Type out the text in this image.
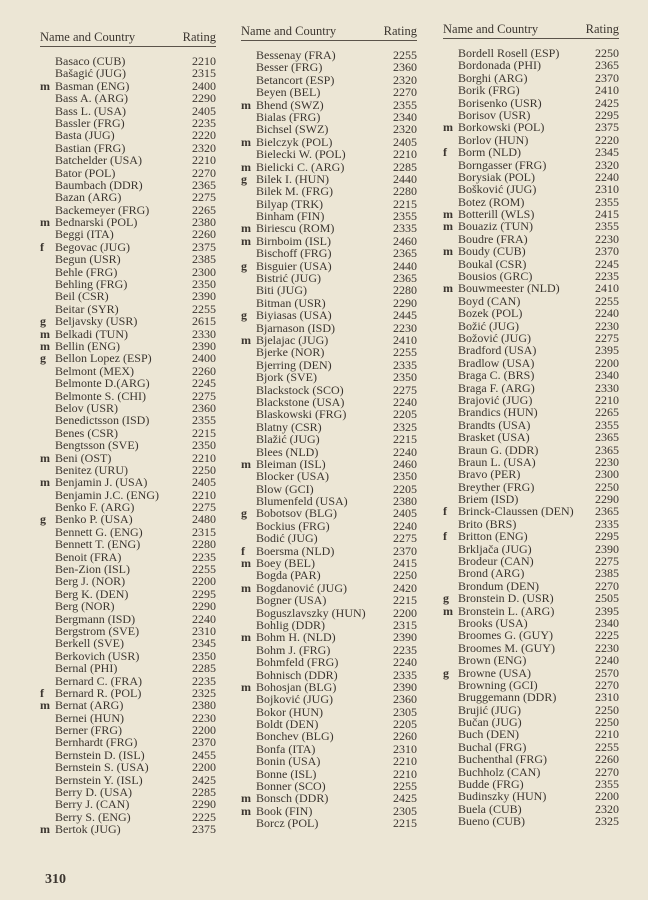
Name and Country	Rating
Basaco (CUB)	2210
Bašagić (JUG)	2315
m Basman (ENG)	2400
Bass A. (ARG)	2290
Bass L. (USA)	2405
Bassler (FRG)	2235
Basta (JUG)	2220
Bastian (FRG)	2320
Batchelder (USA)	2210
Bator (POL)	2270
Baumbach (DDR)	2365
Bazan (ARG)	2275
Backemeyer (FRG)	2265
m Bednarski (POL)	2380
Beggi (ITA)	2260
f Begovac (JUG)	2375
Begun (USR)	2385
Behle (FRG)	2300
Behling (FRG)	2350
Beil (CSR)	2390
Beitar (SYR)	2255
g Beljavsky (USR)	2615
m Belkadi (TUN)	2330
m Bellin (ENG)	2390
g Bellon Lopez (ESP)	2400
Belmont (MEX)	2260
Belmonte D.(ARG)	2245
Belmonte S. (CHI)	2275
Belov (USR)	2360
Benedictsson (ISD)	2355
Benes (CSR)	2215
Bengtsson (SVE)	2350
m Beni (OST)	2210
Benitez (URU)	2250
m Benjamin J. (USA)	2405
Benjamin J.C. (ENG)	2210
Benko F. (ARG)	2275
g Benko P. (USA)	2480
Bennett G. (ENG)	2315
Bennett T. (ENG)	2280
Benoit (FRA)	2235
Ben-Zion (ISL)	2255
Berg J. (NOR)	2200
Berg K. (DEN)	2295
Berg (NOR)	2290
Bergmann (ISD)	2240
Bergstrom (SVE)	2310
Berkell (SVE)	2345
Berkovich (USR)	2350
Bernal (PHI)	2285
Bernard C. (FRA)	2235
f Bernard R. (POL)	2325
m Bernat (ARG)	2380
Bernei (HUN)	2230
Berner (FRG)	2200
Bernhardt (FRG)	2370
Bernstein D. (ISL)	2455
Bernstein S. (USA)	2200
Bernstein Y. (ISL)	2425
Berry D. (USA)	2285
Berry J. (CAN)	2290
Berry S. (ENG)	2225
m Bertok (JUG)	2375
Name and Country	Rating
Bessenay (FRA)	2255
Besser (FRG)	2360
Betancort (ESP)	2320
Beyen (BEL)	2270
m Bhend (SWZ)	2355
Bialas (FRG)	2340
Bichsel (SWZ)	2320
m Bielczyk (POL)	2405
Bielecki W. (POL)	2210
m Bielicki C. (ARG)	2285
g Bilek I. (HUN)	2440
Bilek M. (FRG)	2280
Bilyap (TRK)	2215
Binham (FIN)	2355
m Biriescu (ROM)	2335
m Birnboim (ISL)	2460
Bischoff (FRG)	2365
g Bisguier (USA)	2440
Bistrić (JUG)	2365
Biti (JUG)	2280
Bitman (USR)	2290
g Biyiasas (USA)	2445
Bjarnason (ISD)	2230
m Bjelajac (JUG)	2410
Bjerke (NOR)	2255
Bjerring (DEN)	2335
Bjork (SVE)	2350
Blackstock (SCO)	2275
Blackstone (USA)	2240
Blaskowski (FRG)	2205
Blatny (CSR)	2325
Blažić (JUG)	2215
Blees (NLD)	2240
m Bleiman (ISL)	2460
Blocker (USA)	2350
Blow (GCI)	2205
Blumenfeld (USA)	2380
g Bobotsov (BLG)	2405
Bockius (FRG)	2240
Bodić (JUG)	2275
f Boersma (NLD)	2370
m Boey (BEL)	2415
Bogda (PAR)	2250
m Bogdanović (JUG)	2420
Bogner (USA)	2215
Boguszlavszky (HUN) 2200
Bohlig (DDR)	2315
m Bohm H. (NLD)	2390
Bohm J. (FRG)	2235
Bohmfeld (FRG)	2240
Bohnisch (DDR)	2335
m Bohosjan (BLG)	2390
Bojković (JUG)	2360
Bokor (HUN)	2305
Boldt (DEN)	2205
Bonchev (BLG)	2260
Bonfa (ITA)	2310
Bonin (USA)	2210
Bonne (ISL)	2210
Bonner (SCO)	2255
m Bonsch (DDR)	2425
m Book (FIN)	2305
Borcz (POL)	2215
Name and Country	Rating
Bordell Rosell (ESP)	2250
Bordonada (PHI)	2365
Borghi (ARG)	2370
Borik (FRG)	2410
Borisenko (USR)	2425
Borisov (USR)	2295
m Borkowski (POL)	2375
Borlov (HUN)	2220
f Borm (NLD)	2345
Borngasser (FRG)	2320
Borysiak (POL)	2240
Bošković (JUG)	2310
Botez (ROM)	2355
m Botterill (WLS)	2415
m Bouaziz (TUN)	2355
Boudre (FRA)	2230
m Boudy (CUB)	2370
Boukal (CSR)	2245
Bousios (GRC)	2235
m Bouwmeester (NLD)	2410
Boyd (CAN)	2255
Bozek (POL)	2240
Božić (JUG)	2230
Božović (JUG)	2275
Bradford (USA)	2395
Bradlow (USA)	2200
Braga C. (BRS)	2340
Braga F. (ARG)	2330
Brajović (JUG)	2210
Brandics (HUN)	2265
Brandts (USA)	2355
Brasket (USA)	2365
Braun G. (DDR)	2365
Braun L. (USA)	2230
Bravo (PER)	2300
Breyther (FRG)	2250
Briem (ISD)	2290
f Brinck-Claussen (DEN) 2365
Brito (BRS)	2335
f Britton (ENG)	2295
Brkljača (JUG)	2390
Brodeur (CAN)	2275
Brond (ARG)	2385
Brondum (DEN)	2270
g Bronstein D. (USR)	2505
m Bronstein L. (ARG)	2395
Brooks (USA)	2340
Broomes G. (GUY)	2225
Broomes M. (GUY)	2230
Brown (ENG)	2240
g Browne (USA)	2570
Browning (GCI)	2270
Bruggemann (DDR)	2310
Brujić (JUG)	2250
Bučan (JUG)	2250
Buch (DEN)	2210
Buchal (FRG)	2255
Buchenthal (FRG)	2260
Buchholz (CAN)	2270
Budde (FRG)	2355
Budinszky (HUN)	2200
Buela (CUB)	2320
Bueno (CUB)	2325
310
